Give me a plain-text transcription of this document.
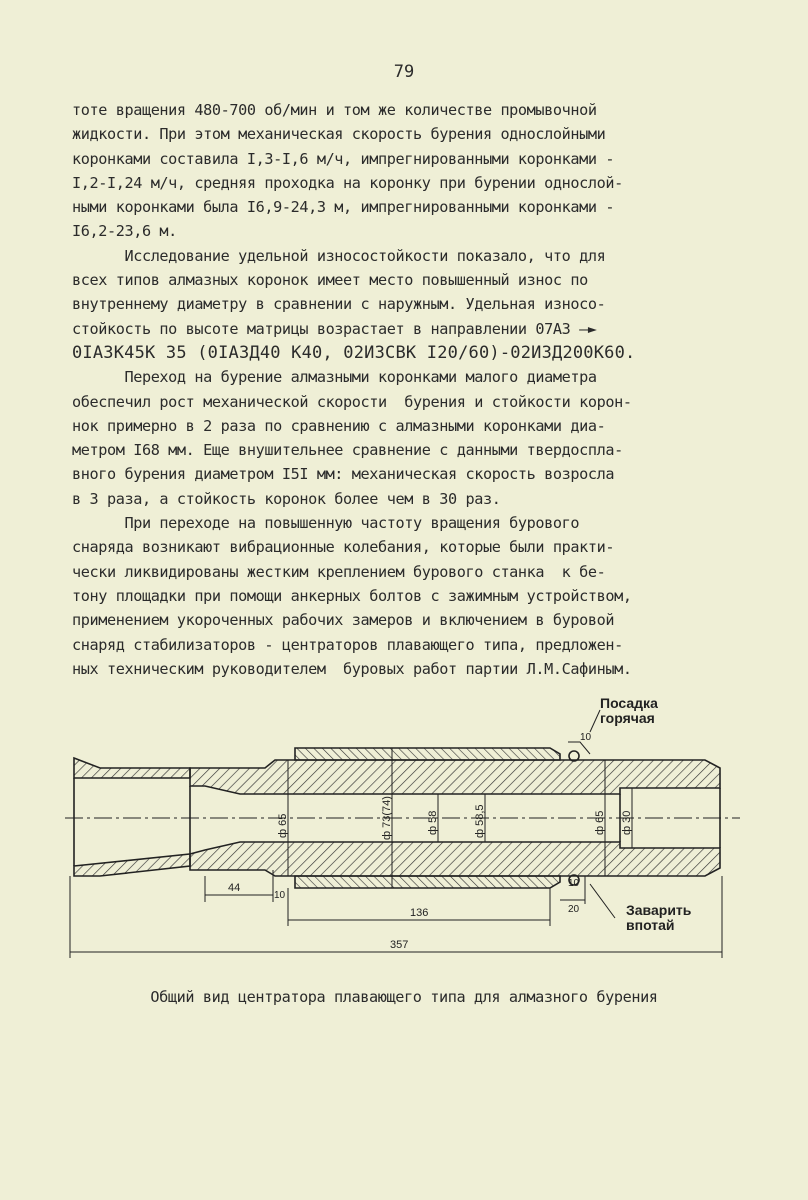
79
тоте вращения 480-700 об/мин и том же количестве промывочной
жидкости. При этом механическая скорость бурения однослойными
коронками составила I,3-I,6 м/ч, импрегнированными коронками -
I,2-I,24 м/ч, средняя проходка на коронку при бурении однослой-
ными коронками была I6,9-24,3 м, импрегнированными коронками -
I6,2-23,6 м.
Исследование удельной износостойкости показало, что для
всех типов алмазных коронок имеет место повышенный износ по
внутреннему диаметру в сравнении с наружным. Удельная износо-
стойкость по высоте матрицы возрастает в направлении 07А3 —►
0IА3К45К 35 (0IА3Д40 К40, 02И3СВК I20/60)-02И3Д200К60.
Переход на бурение алмазными коронками малого диаметра
обеспечил рост механической скорости  бурения и стойкости корон-
нок примерно в 2 раза по сравнению с алмазными коронками диа-
метром I68 мм. Еще внушительнее сравнение с данными твердоспла-
вного бурения диаметром I5I мм: механическая скорость возросла
в 3 раза, а стойкость коронок более чем в 30 раз.
При переходе на повышенную частоту вращения бурового
снаряда возникают вибрационные колебания, которые были практи-
чески ликвидированы жестким креплением бурового станка  к бе-
тону площадки при помощи анкерных болтов с зажимным устройством,
применением укороченных рабочих замеров и включением в буровой
снаряд стабилизаторов - центраторов плавающего типа, предложен-
ных техническим руководителем  буровых работ партии Л.М.Сафиным.
Посадка
горячая
Заварить
впотай
ф 65	ф 73(74)	ф 58	ф 58,5	ф 65 ф 30
44
10
136
10
20
357
10
Общий вид центратора плавающего типа для алмазного бурения
